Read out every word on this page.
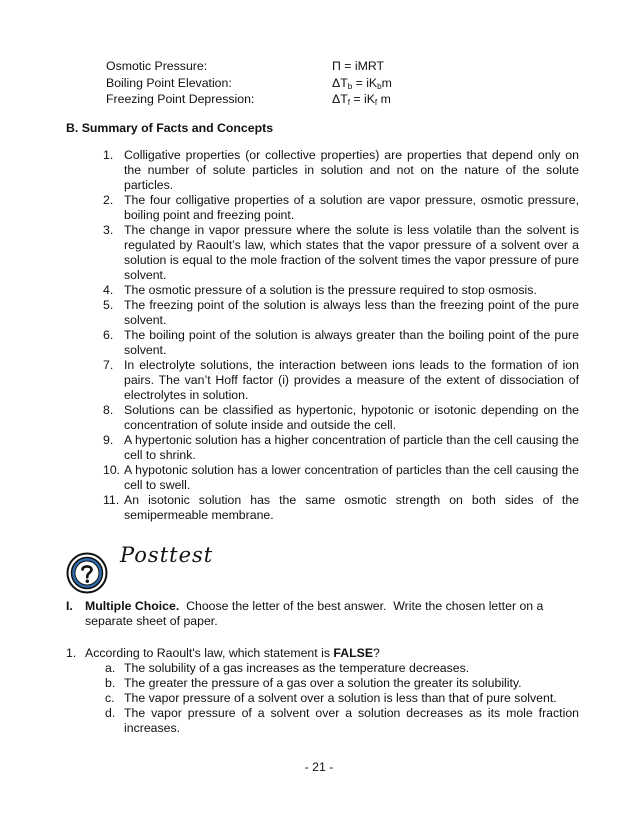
Osmotic Pressure:	Π = iMRT
Boiling Point Elevation:	$\Delta T_b = iK_bm$
Freezing Point Depression:	$\Delta T_f = iK_f$ m
B. Summary of Facts and Concepts
1. Colligative properties (or collective properties) are properties that depend only on the number of solute particles in solution and not on the nature of the solute particles.
2. The four colligative properties of a solution are vapor pressure, osmotic pressure, boiling point and freezing point.
3. The change in vapor pressure where the solute is less volatile than the solvent is regulated by Raoult’s law, which states that the vapor pressure of a solvent over a solution is equal to the mole fraction of the solvent times the vapor pressure of pure solvent.
4. The osmotic pressure of a solution is the pressure required to stop osmosis.
5. The freezing point of the solution is always less than the freezing point of the pure solvent.
6. The boiling point of the solution is always greater than the boiling point of the pure solvent.
7. In electrolyte solutions, the interaction between ions leads to the formation of ion pairs. The van’t Hoff factor (i) provides a measure of the extent of dissociation of electrolytes in solution.
8. Solutions can be classified as hypertonic, hypotonic or isotonic depending on the concentration of solute inside and outside the cell.
9. A hypertonic solution has a higher concentration of particle than the cell causing the cell to shrink.
10. A hypotonic solution has a lower concentration of particles than the cell causing the cell to swell.
11. An isotonic solution has the same osmotic strength on both sides of the semipermeable membrane.
Posttest
I. Multiple Choice.  Choose the letter of the best answer.  Write the chosen letter on a
separate sheet of paper.
1. According to Raoult's law, which statement is FALSE?
a. The solubility of a gas increases as the temperature decreases.
b. The greater the pressure of a gas over a solution the greater its solubility.
c. The vapor pressure of a solvent over a solution is less than that of pure solvent.
d. The vapor pressure of a solvent over a solution decreases as its mole fraction increases.
- 21 -
